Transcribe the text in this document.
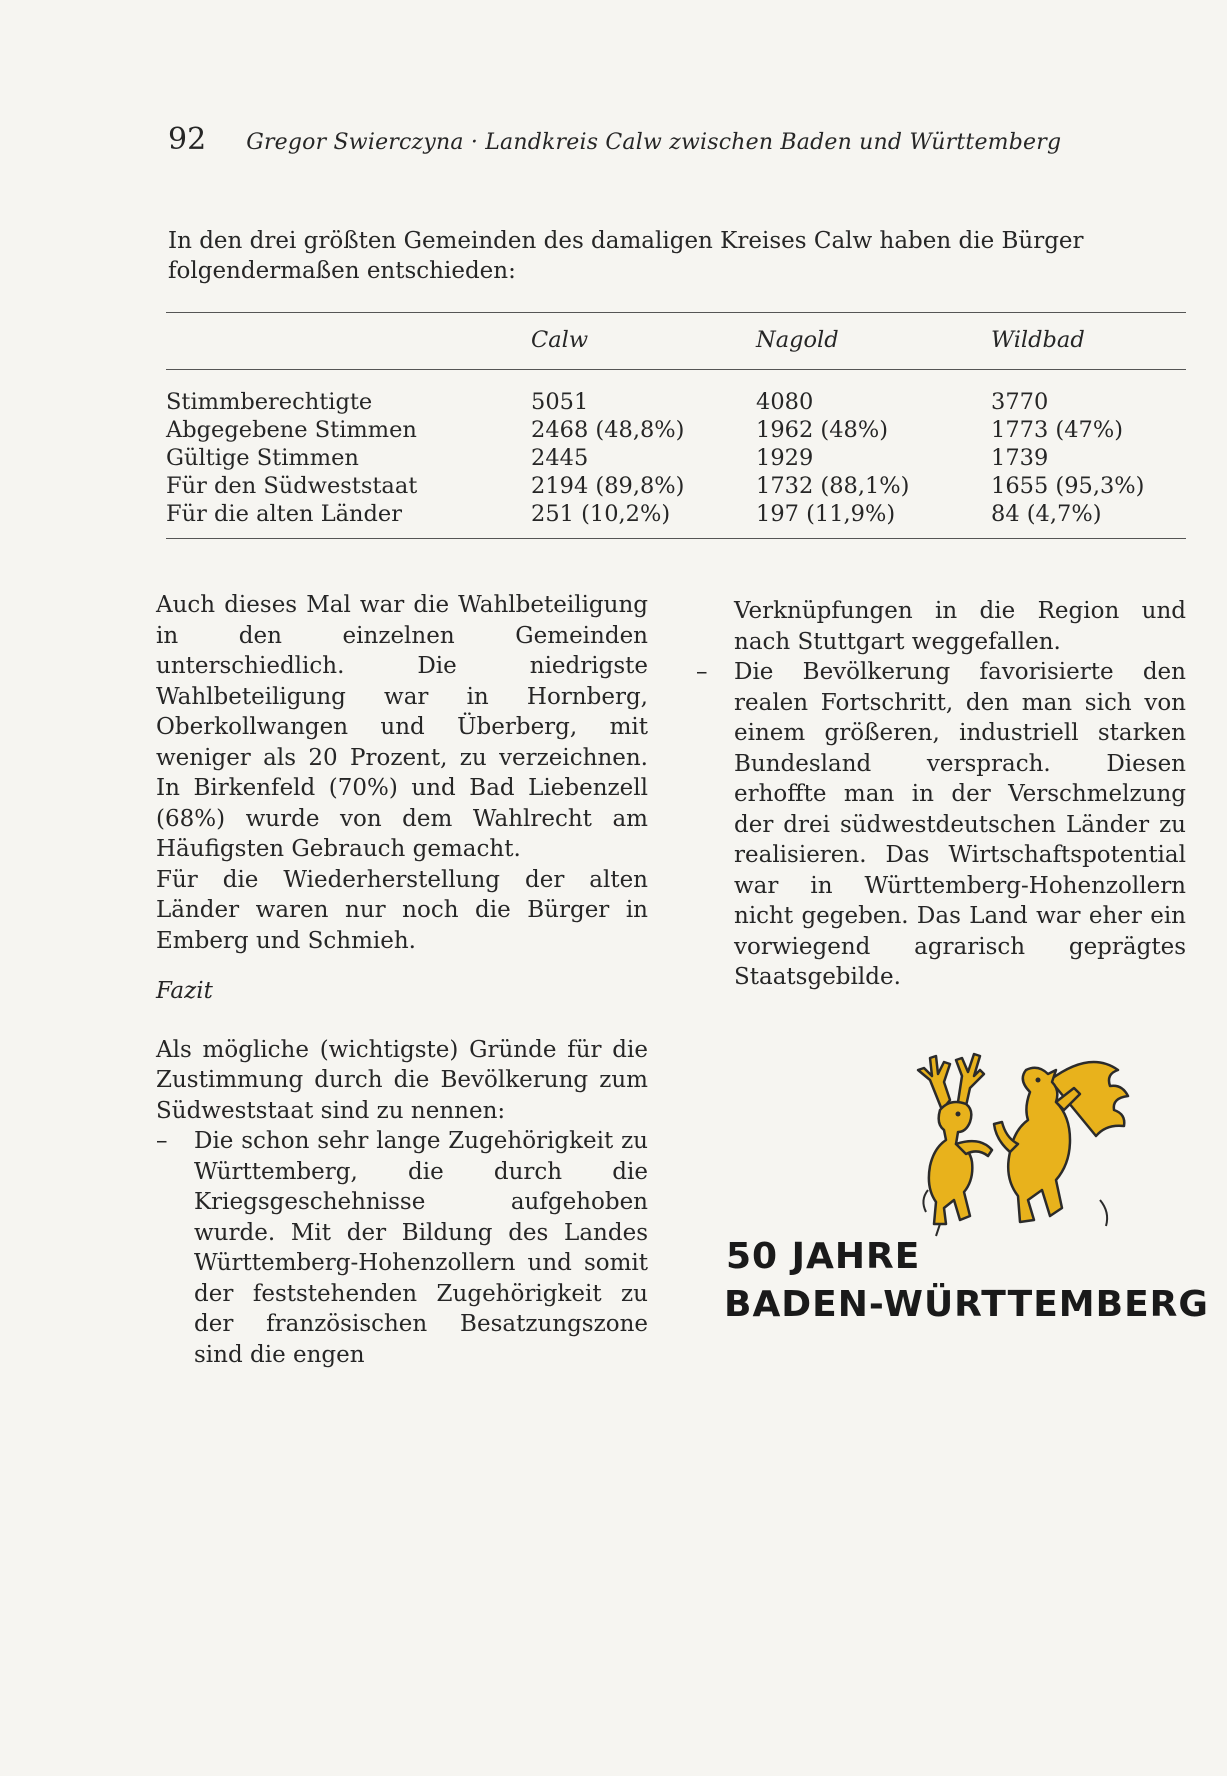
92 Gregor Swierczyna · Landkreis Calw zwischen Baden und Württemberg

In den drei größten Gemeinden des damaligen Kreises Calw haben die Bürger folgendermaßen entschieden:

	Calw	Nagold	Wildbad
Stimmberechtigte	5051	4080	3770
Abgegebene Stimmen	2468 (48,8%)	1962 (48%)	1773 (47%)
Gültige Stimmen	2445	1929	1739
Für den Südweststaat	2194 (89,8%)	1732 (88,1%)	1655 (95,3%)
Für die alten Länder	251 (10,2%)	197 (11,9%)	84 (4,7%)

Auch dieses Mal war die Wahlbeteiligung in den einzelnen Gemeinden unterschiedlich. Die niedrigste Wahlbeteiligung war in Hornberg, Oberkollwangen und Überberg, mit weniger als 20 Prozent, zu verzeichnen. In Birkenfeld (70%) und Bad Liebenzell (68%) wurde von dem Wahlrecht am Häufigsten Gebrauch gemacht.

Für die Wiederherstellung der alten Länder waren nur noch die Bürger in Emberg und Schmieh.

Fazit

Als mögliche (wichtigste) Gründe für die Zustimmung durch die Bevölkerung zum Südweststaat sind zu nennen:

– Die schon sehr lange Zugehörigkeit zu Württemberg, die durch die Kriegsgeschehnisse aufgehoben wurde. Mit der Bildung des Landes Württemberg-Hohenzollern und somit der feststehenden Zugehörigkeit zu der französischen Besatzungszone sind die engen

Verknüpfungen in die Region und nach Stuttgart weggefallen.

– Die Bevölkerung favorisierte den realen Fortschritt, den man sich von einem größeren, industriell starken Bundesland versprach. Diesen erhoffte man in der Verschmelzung der drei südwestdeutschen Länder zu realisieren. Das Wirtschaftspotential war in Württemberg-Hohenzollern nicht gegeben. Das Land war eher ein vorwiegend agrarisch geprägtes Staatsgebilde.

50 JAHRE

BADEN-WÜRTTEMBERG
